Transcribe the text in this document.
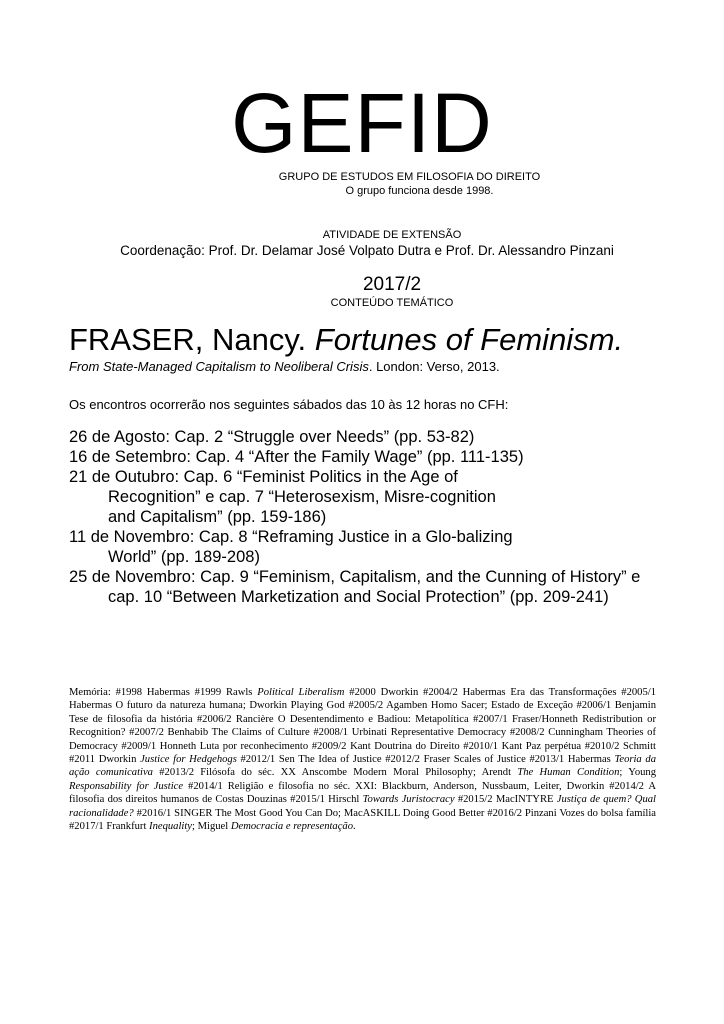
GEFID
GRUPO DE ESTUDOS EM FILOSOFIA DO DIREITO
O grupo funciona desde 1998.
ATIVIDADE DE EXTENSÃO
Coordenação: Prof. Dr. Delamar José Volpato Dutra e Prof. Dr. Alessandro Pinzani
2017/2
CONTEÚDO TEMÁTICO
FRASER, Nancy. Fortunes of Feminism.
From State-Managed Capitalism to Neoliberal Crisis. London: Verso, 2013.
Os encontros ocorrerão nos seguintes sábados das 10 às 12 horas no CFH:

26 de Agosto: Cap. 2 “Struggle over Needs” (pp. 53-82)

16 de Setembro: Cap. 4 “After the Family Wage” (pp. 111-135)

21 de Outubro: Cap. 6 “Feminist Politics in the Age of Recognition” e cap. 7 “Heterosexism, Misre-cognition and Capitalism” (pp. 159-186)

11 de Novembro: Cap. 8 “Reframing Justice in a Glo-balizing World” (pp. 189-208)

25 de Novembro: Cap. 9 “Feminism, Capitalism, and the Cunning of History” e cap. 10 “Between Marketization and Social Protection” (pp. 209-241)

Memória: #1998 Habermas #1999 Rawls Political Liberalism #2000 Dworkin #2004/2 Habermas Era das Transformações #2005/1 Habermas O futuro da natureza humana; Dworkin Playing God #2005/2 Agamben Homo Sacer; Estado de Exceção #2006/1 Benjamin Tese de filosofia da história #2006/2 Rancière O Desentendimento e Badiou: Metapolítica #2007/1 Fraser/Honneth Redistribution or Recognition? #2007/2 Benhabib The Claims of Culture #2008/1 Urbinati Representative Democracy #2008/2 Cunningham Theories of Democracy #2009/1 Honneth Luta por reconhecimento #2009/2 Kant Doutrina do Direito #2010/1 Kant Paz perpétua #2010/2 Schmitt #2011 Dworkin Justice for Hedgehogs #2012/1 Sen The Idea of Justice #2012/2 Fraser Scales of Justice #2013/1 Habermas Teoria da ação comunicativa #2013/2 Filósofa do séc. XX Anscombe Modern Moral Philosophy; Arendt The Human Condition; Young Responsability for Justice #2014/1 Religião e filosofia no séc. XXI: Blackburn, Anderson, Nussbaum, Leiter, Dworkin #2014/2 A filosofia dos direitos humanos de Costas Douzinas #2015/1 Hirschl Towards Juristocracy #2015/2 MacINTYRE Justiça de quem? Qual racionalidade? #2016/1 SINGER The Most Good You Can Do; MacASKILL Doing Good Better #2016/2 Pinzani Vozes do bolsa família #2017/1 Frankfurt Inequality; Miguel Democracia e representação.
